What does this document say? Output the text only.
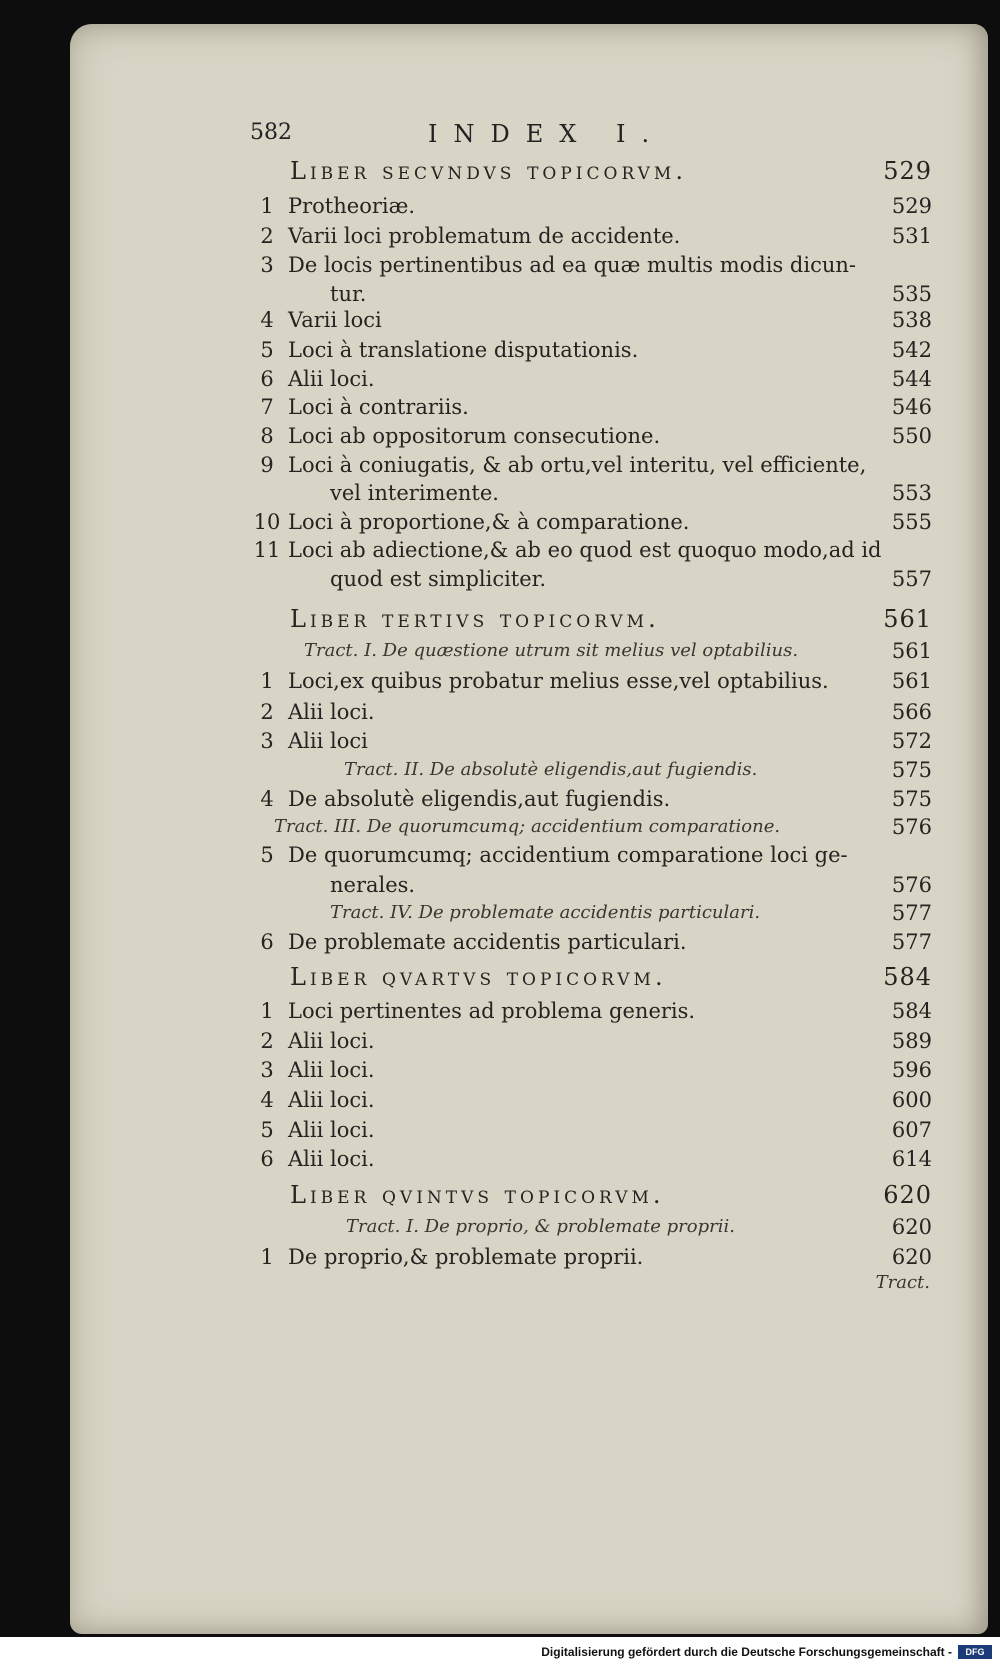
582	INDEX I.
Liber secvndvs topicorvm.	529
1 Protheoriæ.	529
2 Varii loci problematum de accidente.	531
3 De locis pertinentibus ad ea quæ multis modis dicun-
tur.	535
4 Varii loci	538
5 Loci à translatione disputationis.	542
6 Alii loci.	544
7 Loci à contrariis.	546
8 Loci ab oppositorum consecutione.	550
9 Loci à coniugatis, & ab ortu,vel interitu, vel efficiente,
vel interimente.	553
10 Loci à proportione,& à comparatione.	555
11 Loci ab adiectione,& ab eo quod est quoquo modo,ad id
quod est simpliciter.	557
Liber tertivs topicorvm.	561
Tract. I. De quæstione utrum sit melius vel optabilius.	561
1 Loci,ex quibus probatur melius esse,vel optabilius.	561
2 Alii loci.	566
3 Alii loci	572
Tract. II. De absolutè eligendis,aut fugiendis.	575
4 De absolutè eligendis,aut fugiendis.	575
Tract. III. De quorumcumq; accidentium comparatione.	576
5 De quorumcumq; accidentium comparatione loci ge-
nerales.	576
Tract. IV. De problemate accidentis particulari.	577
6 De problemate accidentis particulari.	577
Liber qvartvs topicorvm.	584
1 Loci pertinentes ad problema generis.	584
2 Alii loci.	589
3 Alii loci.	596
4 Alii loci.	600
5 Alii loci.	607
6 Alii loci.	614
Liber qvintvs topicorvm.	620
Tract. I. De proprio, & problemate proprii.	620
1 De proprio,& problemate proprii.	620
Tract.
Digitalisierung gefördert durch die Deutsche Forschungsgemeinschaft -	DFG
